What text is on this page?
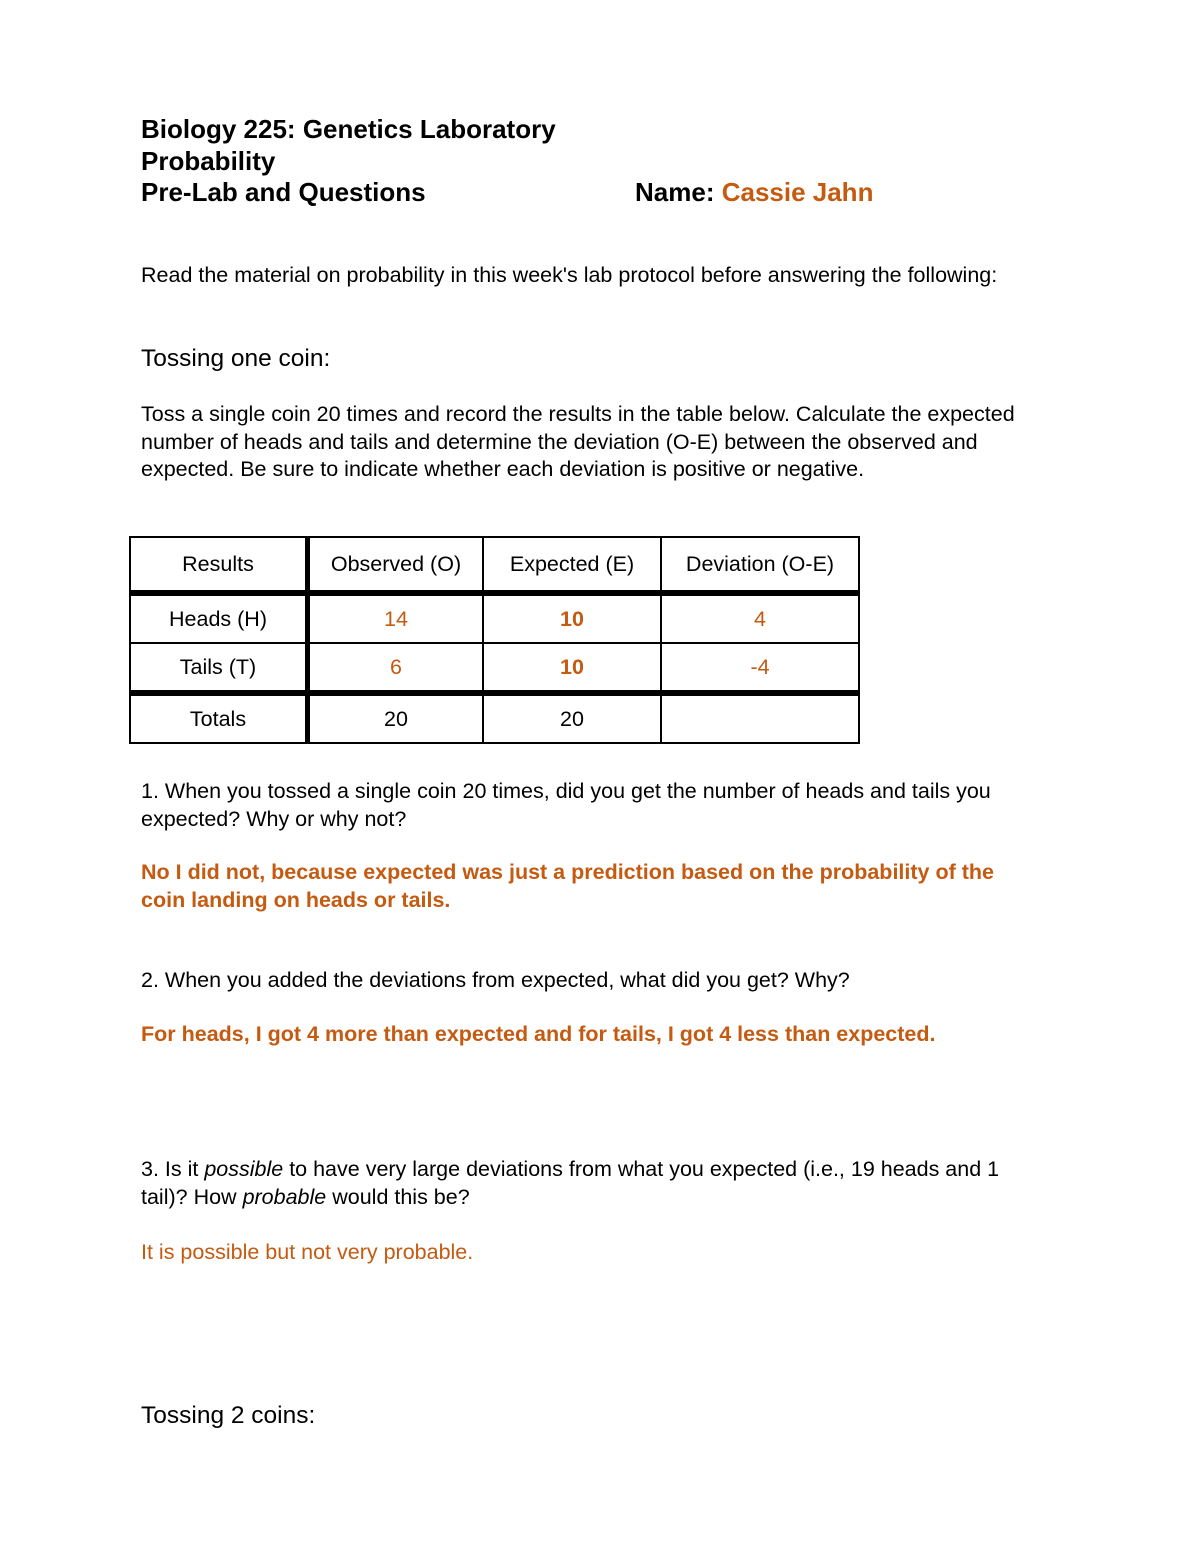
Biology 225: Genetics Laboratory
Probability
Pre-Lab and Questions	Name: Cassie Jahn
Read the material on probability in this week's lab protocol before answering the following:
Tossing one coin:
Toss a single coin 20 times and record the results in the table below. Calculate the expected number of heads and tails and determine the deviation (O-E) between the observed and expected. Be sure to indicate whether each deviation is positive or negative.
Results	Observed (O)	Expected (E)	Deviation (O-E)
Heads (H)	14	10	4
Tails (T)	6	10	-4
Totals	20	20	
1. When you tossed a single coin 20 times, did you get the number of heads and tails you expected? Why or why not?
No I did not, because expected was just a prediction based on the probability of the coin landing on heads or tails.
2. When you added the deviations from expected, what did you get? Why?
For heads, I got 4 more than expected and for tails, I got 4 less than expected.
3. Is it possible to have very large deviations from what you expected (i.e., 19 heads and 1 tail)? How probable would this be?
It is possible but not very probable.
Tossing 2 coins:
